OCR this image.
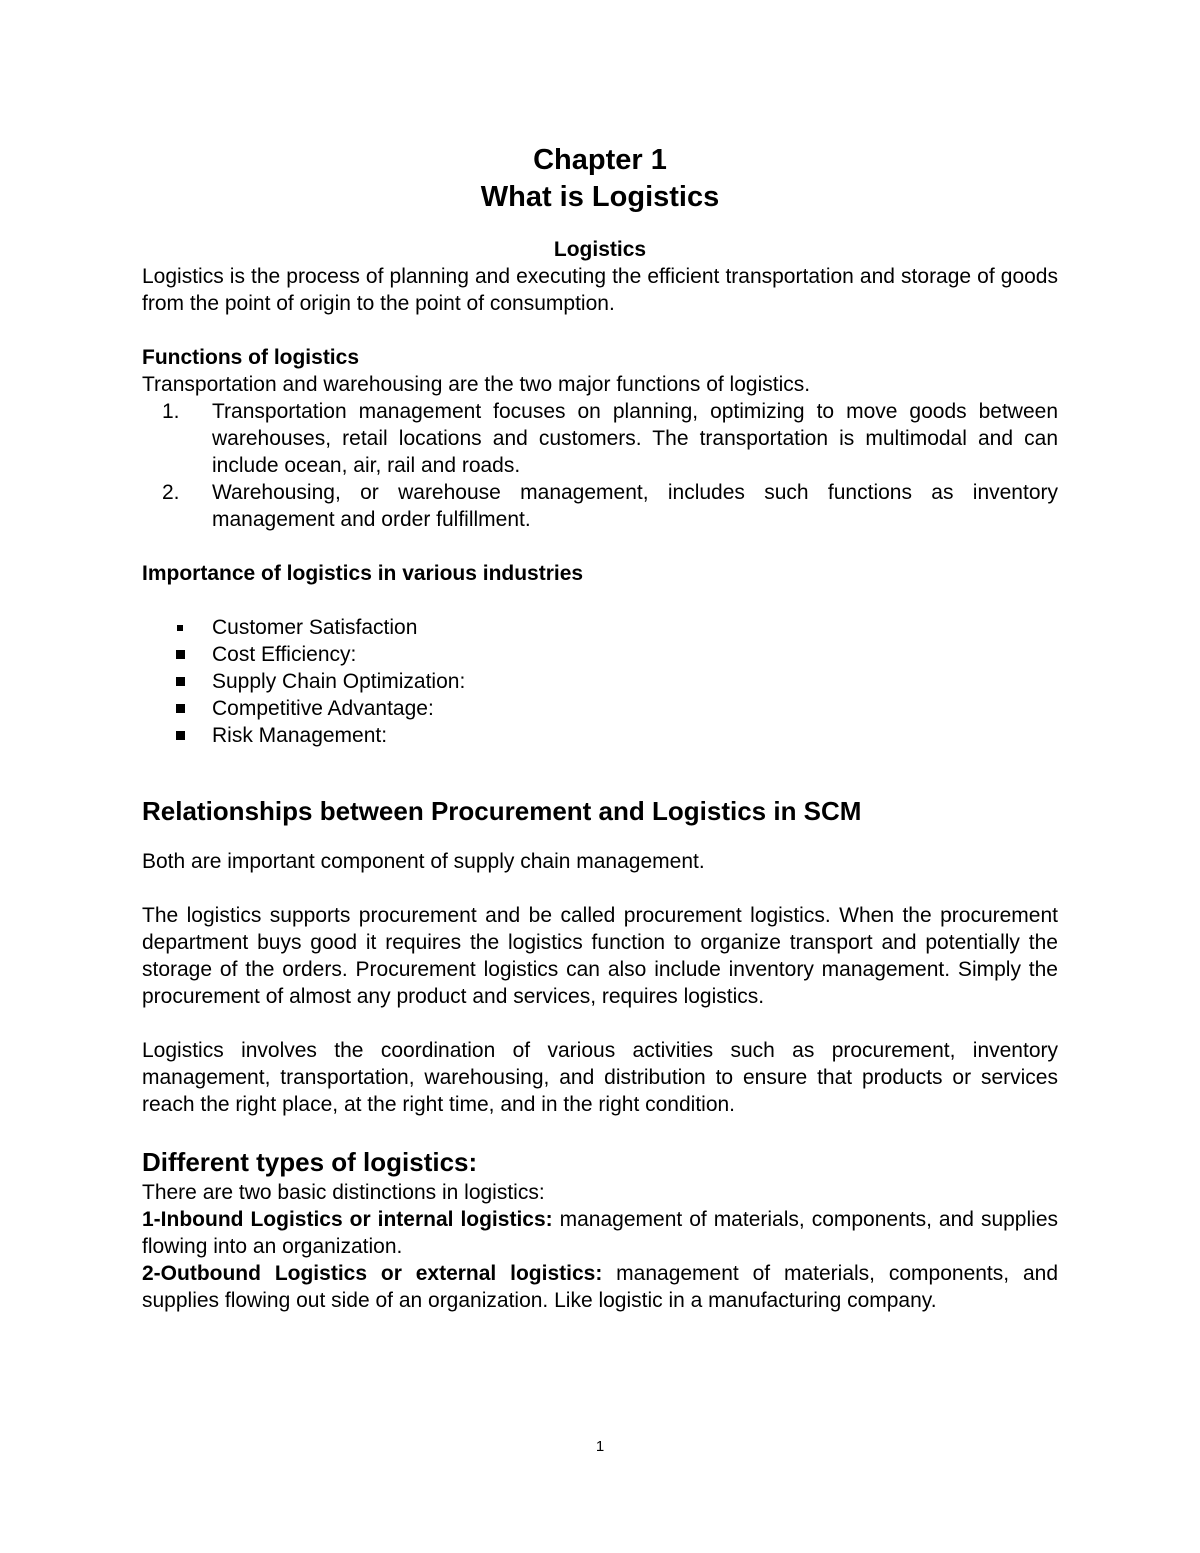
Chapter 1

What is Logistics

Logistics

Logistics is the process of planning and executing the efficient transportation and storage of goods from the point of origin to the point of consumption.

Functions of logistics

Transportation and warehousing are the two major functions of logistics.

1. Transportation management focuses on planning, optimizing to move goods between warehouses, retail locations and customers. The transportation is multimodal and can include ocean, air, rail and roads.
2. Warehousing, or warehouse management, includes such functions as inventory management and order fulfillment.

Importance of logistics in various industries

Customer Satisfaction
Cost Efficiency:
Supply Chain Optimization:
Competitive Advantage:
Risk Management:

Relationships between Procurement and Logistics in SCM

Both are important component of supply chain management.

The logistics supports procurement and be called procurement logistics. When the procurement department buys good it requires the logistics function to organize transport and potentially the storage of the orders. Procurement logistics can also include inventory management. Simply the procurement of almost any product and services, requires logistics.

Logistics involves the coordination of various activities such as procurement, inventory management, transportation, warehousing, and distribution to ensure that products or services reach the right place, at the right time, and in the right condition.

Different types of logistics:

There are two basic distinctions in logistics:

1-Inbound Logistics or internal logistics: management of materials, components, and supplies flowing into an organization.

2-Outbound Logistics or external logistics: management of materials, components, and supplies flowing out side of an organization. Like logistic in a manufacturing company.

1
